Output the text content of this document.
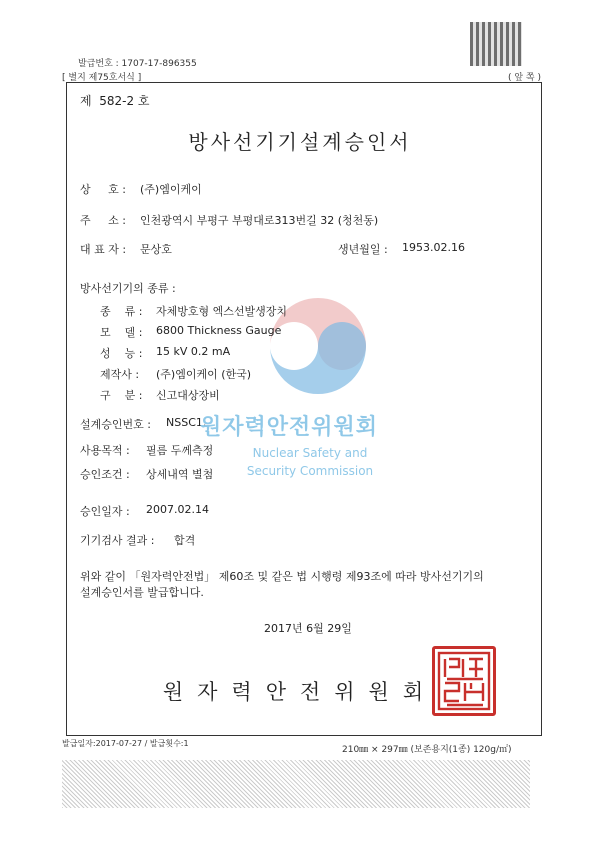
발급번호 : 1707-17-896355
[ 별지 제75호서식 ]	( 앞 쪽 )
제  582-2 호
방사선기기설계승인서
상     호 : (주)엠이케이
주     소 : 인천광역시 부평구 부평대로313번길 32 (청천동)
대 표 자 : 문상호	생년월일 : 1953.02.16
방사선기기의 종류 :
종    류 : 자체방호형 엑스선발생장치
모    델 : 6800 Thickness Gauge
성    능 : 15 kV 0.2 mA
제작사 : (주)엠이케이 (한국)
구    분 : 신고대상장비
설계승인번호 : NSSC1.
원자력안전위원회
Nuclear Safety and
Security Commission
사용목적 : 필름 두께측정
승인조건 : 상세내역 별첨
승인일자 : 2007.02.14
기기검사 결과 : 합격
위와 같이 「원자력안전법」 제60조 및 같은 법 시행령 제93조에 따라 방사선기기의
설계승인서를 발급합니다.
2017년 6월 29일
원자력안전위원회
발급일자:2017-07-27 / 발급횟수:1
210㎜ × 297㎜ (보존용지(1종) 120g/㎡)
